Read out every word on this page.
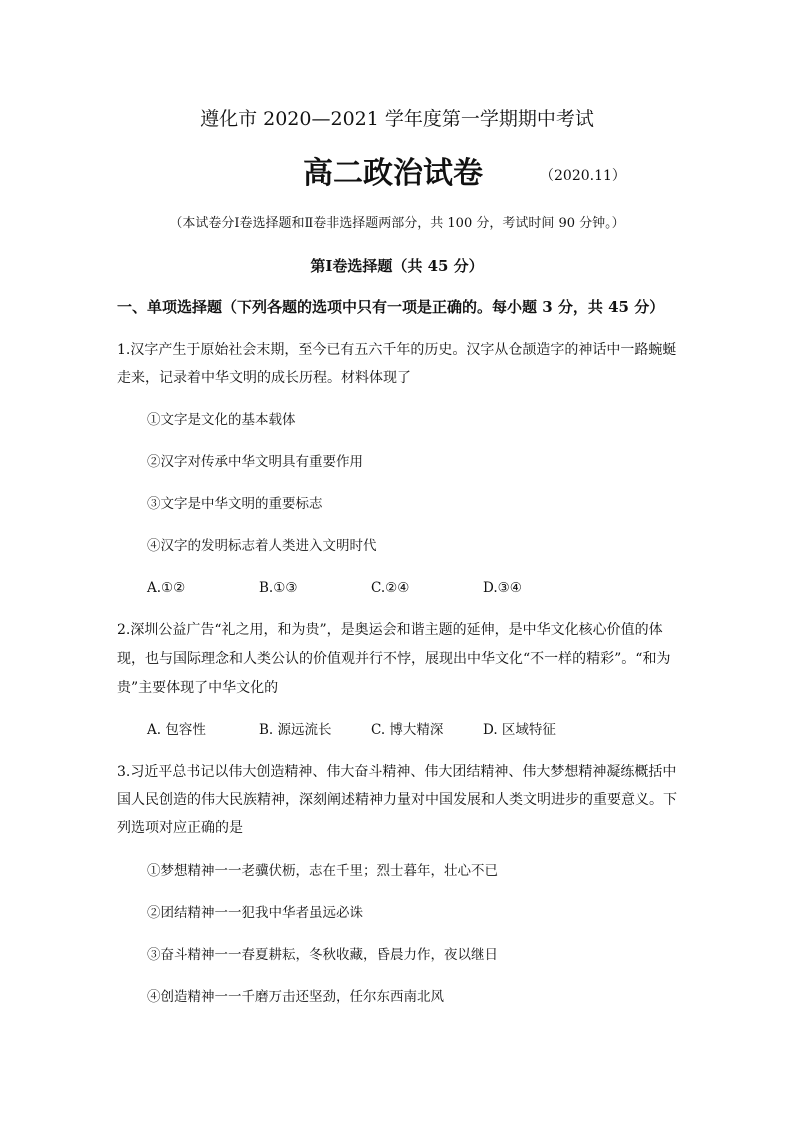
遵化市 2020—2021 学年度第一学期期中考试
高二政治试卷	（2020.11）
（本试卷分Ⅰ卷选择题和Ⅱ卷非选择题两部分，共 100 分，考试时间 90 分钟。）
第Ⅰ卷选择题（共 45 分）
一、单项选择题（下列各题的选项中只有一项是正确的。每小题 3 分，共 45 分）
1.汉字产生于原始社会末期，至今已有五六千年的历史。汉字从仓颉造字的神话中一路蜿蜒
走来，记录着中华文明的成长历程。材料体现了
①文字是文化的基本载体
②汉字对传承中华文明具有重要作用
③文字是中华文明的重要标志
④汉字的发明标志着人类进入文明时代
A.①②	B.①③	C.②④	D.③④
2.深圳公益广告“礼之用，和为贵”，是奥运会和谐主题的延伸，是中华文化核心价值的体
现，也与国际理念和人类公认的价值观并行不悖，展现出中华文化“不一样的精彩”。“和为
贵”主要体现了中华文化的
A. 包容性	B. 源远流长	C. 博大精深	D. 区域特征
3.习近平总书记以伟大创造精神、伟大奋斗精神、伟大团结精神、伟大梦想精神凝练概括中
国人民创造的伟大民族精神，深刻阐述精神力量对中国发展和人类文明进步的重要意义。下
列选项对应正确的是
①梦想精神一一老骥伏枥，志在千里；烈士暮年，壮心不已
②团结精神一一犯我中华者虽远必诛
③奋斗精神一一春夏耕耘，冬秋收藏，昏晨力作，夜以继日
④创造精神一一千磨万击还坚劲，任尔东西南北风
